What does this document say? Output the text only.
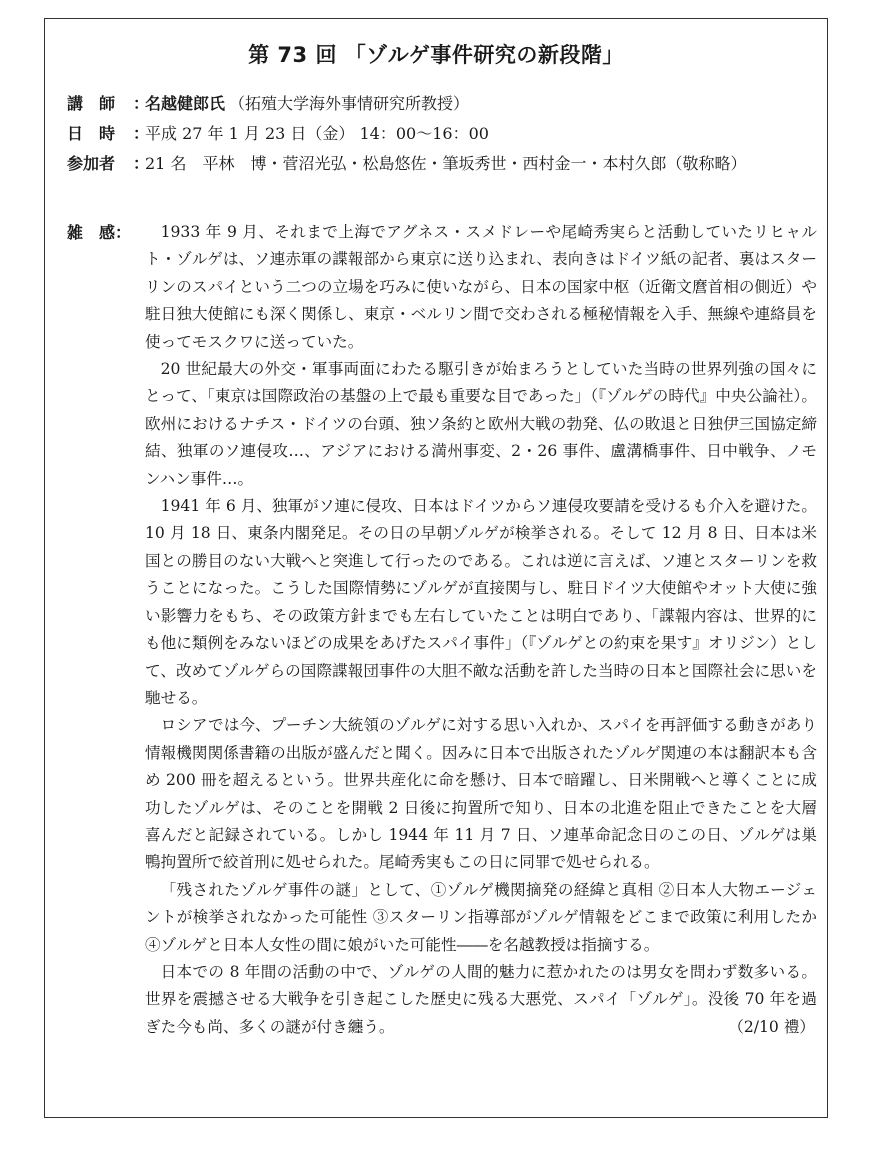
第 73 回 「ゾルゲ事件研究の新段階」
講　師	：
名越健郎氏 （拓殖大学海外事情研究所教授）
日　時	：
平成 27 年 1 月 23 日（金） 14：00〜16：00
参加者	：
21 名　平林　博・菅沼光弘・松島悠佐・筆坂秀世・西村金一・本村久郎（敬称略）
雑　感：	1933 年 9 月、それまで上海でアグネス・スメドレーや尾崎秀実らと活動していたリヒャルト・ゾルゲは、ソ連赤軍の諜報部から東京に送り込まれ、表向きはドイツ紙の記者、裏はスターリンのスパイという二つの立場を巧みに使いながら、日本の国家中枢（近衛文麿首相の側近）や駐日独大使館にも深く関係し、東京・ベルリン間で交わされる極秘情報を入手、無線や連絡員を使ってモスクワに送っていた。

20 世紀最大の外交・軍事両面にわたる駆引きが始まろうとしていた当時の世界列強の国々にとって、「東京は国際政治の基盤の上で最も重要な目であった」（『ゾルゲの時代』中央公論社）。欧州におけるナチス・ドイツの台頭、独ソ条約と欧州大戦の勃発、仏の敗退と日独伊三国協定締結、独軍のソ連侵攻…、アジアにおける満州事変、2・26 事件、盧溝橋事件、日中戦争、ノモンハン事件…。

1941 年 6 月、独軍がソ連に侵攻、日本はドイツからソ連侵攻要請を受けるも介入を避けた。10 月 18 日、東条内閣発足。その日の早朝ゾルゲが検挙される。そして 12 月 8 日、日本は米国との勝目のない大戦へと突進して行ったのである。これは逆に言えば、ソ連とスターリンを救うことになった。こうした国際情勢にゾルゲが直接関与し、駐日ドイツ大使館やオット大使に強い影響力をもち、その政策方針までも左右していたことは明白であり、「諜報内容は、世界的にも他に類例をみないほどの成果をあげたスパイ事件」（『ゾルゲとの約束を果す』オリジン）として、改めてゾルゲらの国際諜報団事件の大胆不敵な活動を許した当時の日本と国際社会に思いを馳せる。

ロシアでは今、プーチン大統領のゾルゲに対する思い入れか、スパイを再評価する動きがあり情報機関関係書籍の出版が盛んだと聞く。因みに日本で出版されたゾルゲ関連の本は翻訳本も含め 200 冊を超えるという。世界共産化に命を懸け、日本で暗躍し、日米開戦へと導くことに成功したゾルゲは、そのことを開戦 2 日後に拘置所で知り、日本の北進を阻止できたことを大層喜んだと記録されている。しかし 1944 年 11 月 7 日、ソ連革命記念日のこの日、ゾルゲは巣鴨拘置所で絞首刑に処せられた。尾崎秀実もこの日に同罪で処せられる。

「残されたゾルゲ事件の謎」として、①ゾルゲ機関摘発の経緯と真相 ②日本人大物エージェントが検挙されなかった可能性 ③スターリン指導部がゾルゲ情報をどこまで政策に利用したか ④ゾルゲと日本人女性の間に娘がいた可能性――を名越教授は指摘する。

日本での 8 年間の活動の中で、ゾルゲの人間的魅力に惹かれたのは男女を問わず数多いる。世界を震撼させる大戦争を引き起こした歴史に残る大悪党、スパイ「ゾルゲ」。没後 70 年を過ぎた今も尚、多くの謎が付き纏う。	（2/10 禮）
